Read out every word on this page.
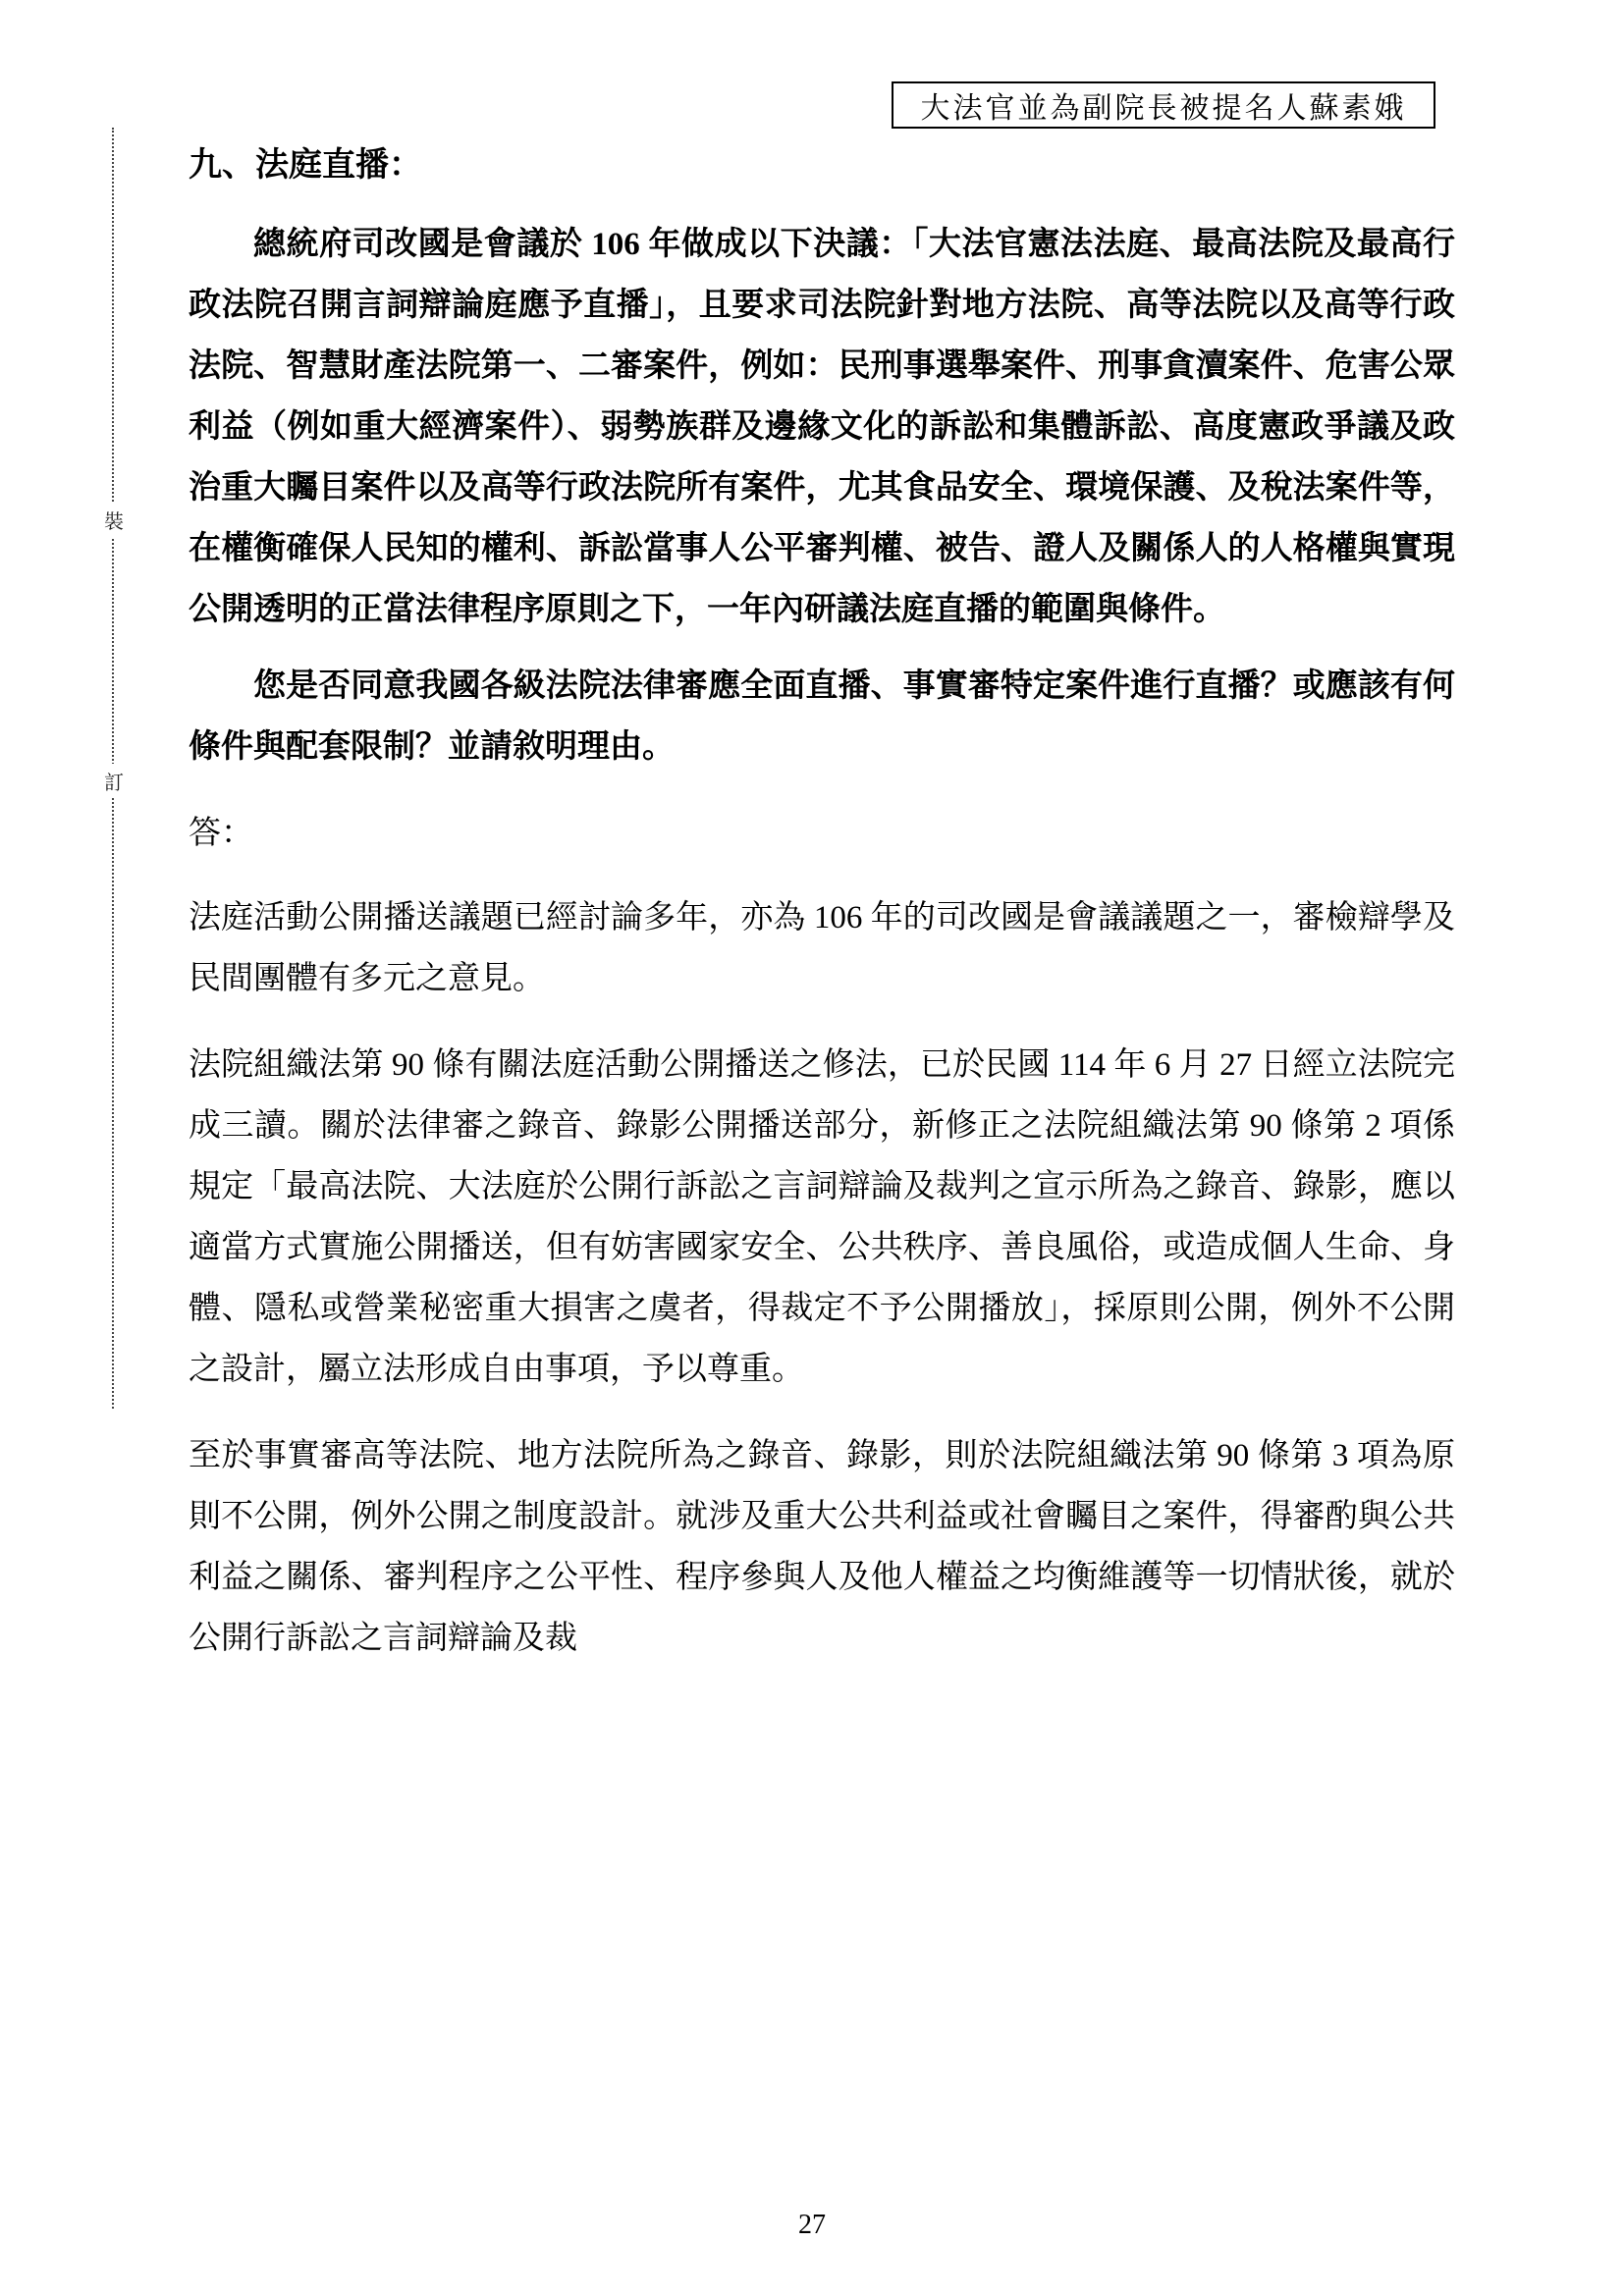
大法官並為副院長被提名人蘇素娥
裝
訂
九、法庭直播：

總統府司改國是會議於 106 年做成以下決議：「大法官憲法法庭、最高法院及最高行政法院召開言詞辯論庭應予直播」，且要求司法院針對地方法院、高等法院以及高等行政法院、智慧財產法院第一、二審案件，例如：民刑事選舉案件、刑事貪瀆案件、危害公眾利益（例如重大經濟案件）、弱勢族群及邊緣文化的訴訟和集體訴訟、高度憲政爭議及政治重大矚目案件以及高等行政法院所有案件，尤其食品安全、環境保護、及稅法案件等，在權衡確保人民知的權利、訴訟當事人公平審判權、被告、證人及關係人的人格權與實現公開透明的正當法律程序原則之下，一年內研議法庭直播的範圍與條件。

您是否同意我國各級法院法律審應全面直播、事實審特定案件進行直播？或應該有何條件與配套限制？並請敘明理由。

答：

法庭活動公開播送議題已經討論多年，亦為 106 年的司改國是會議議題之一，審檢辯學及民間團體有多元之意見。

法院組織法第 90 條有關法庭活動公開播送之修法，已於民國 114 年 6 月 27 日經立法院完成三讀。關於法律審之錄音、錄影公開播送部分，新修正之法院組織法第 90 條第 2 項係規定「最高法院、大法庭於公開行訴訟之言詞辯論及裁判之宣示所為之錄音、錄影，應以適當方式實施公開播送，但有妨害國家安全、公共秩序、善良風俗，或造成個人生命、身體、隱私或營業秘密重大損害之虞者，得裁定不予公開播放」，採原則公開，例外不公開之設計，屬立法形成自由事項，予以尊重。

至於事實審高等法院、地方法院所為之錄音、錄影，則於法院組織法第 90 條第 3 項為原則不公開，例外公開之制度設計。就涉及重大公共利益或社會矚目之案件，得審酌與公共利益之關係、審判程序之公平性、程序參與人及他人權益之均衡維護等一切情狀後，就於公開行訴訟之言詞辯論及裁

27
